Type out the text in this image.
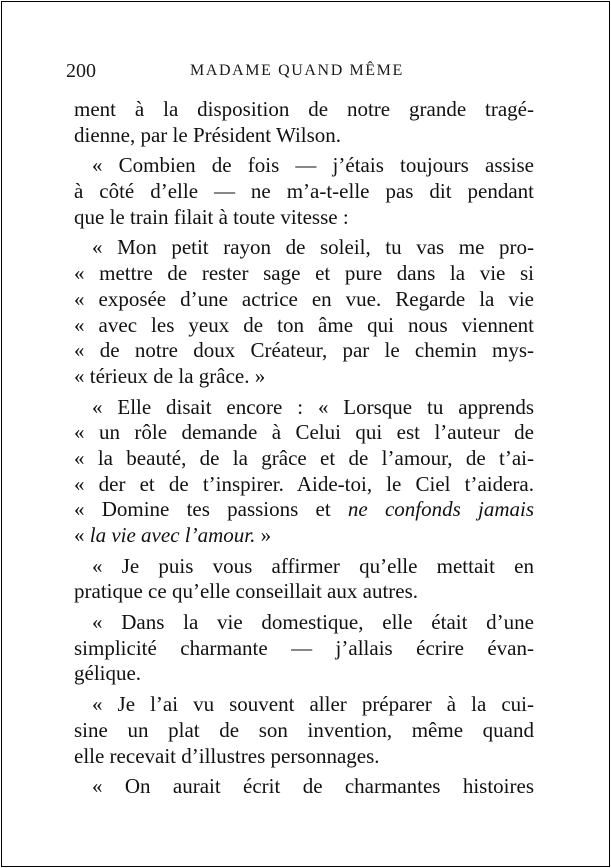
200	MADAME QUAND MÊME
ment à la disposition de notre grande tragé-
dienne, par le Président Wilson.
« Combien de fois — j’étais toujours assise
à côté d’elle — ne m’a-t-elle pas dit pendant
que le train filait à toute vitesse :
« Mon petit rayon de soleil, tu vas me pro-
« mettre de rester sage et pure dans la vie si
« exposée d’une actrice en vue. Regarde la vie
« avec les yeux de ton âme qui nous viennent
« de notre doux Créateur, par le chemin mys-
« térieux de la grâce. »
« Elle disait encore : « Lorsque tu apprends
« un rôle demande à Celui qui est l’auteur de
« la beauté, de la grâce et de l’amour, de t’ai-
« der et de t’inspirer. Aide-toi, le Ciel t’aidera.
« Domine tes passions et ne confonds jamais
« la vie avec l’amour. »
« Je puis vous affirmer qu’elle mettait en
pratique ce qu’elle conseillait aux autres.
« Dans la vie domestique, elle était d’une
simplicité charmante — j’allais écrire évan-
gélique.
« Je l’ai vu souvent aller préparer à la cui-
sine un plat de son invention, même quand
elle recevait d’illustres personnages.
« On aurait écrit de charmantes histoires
